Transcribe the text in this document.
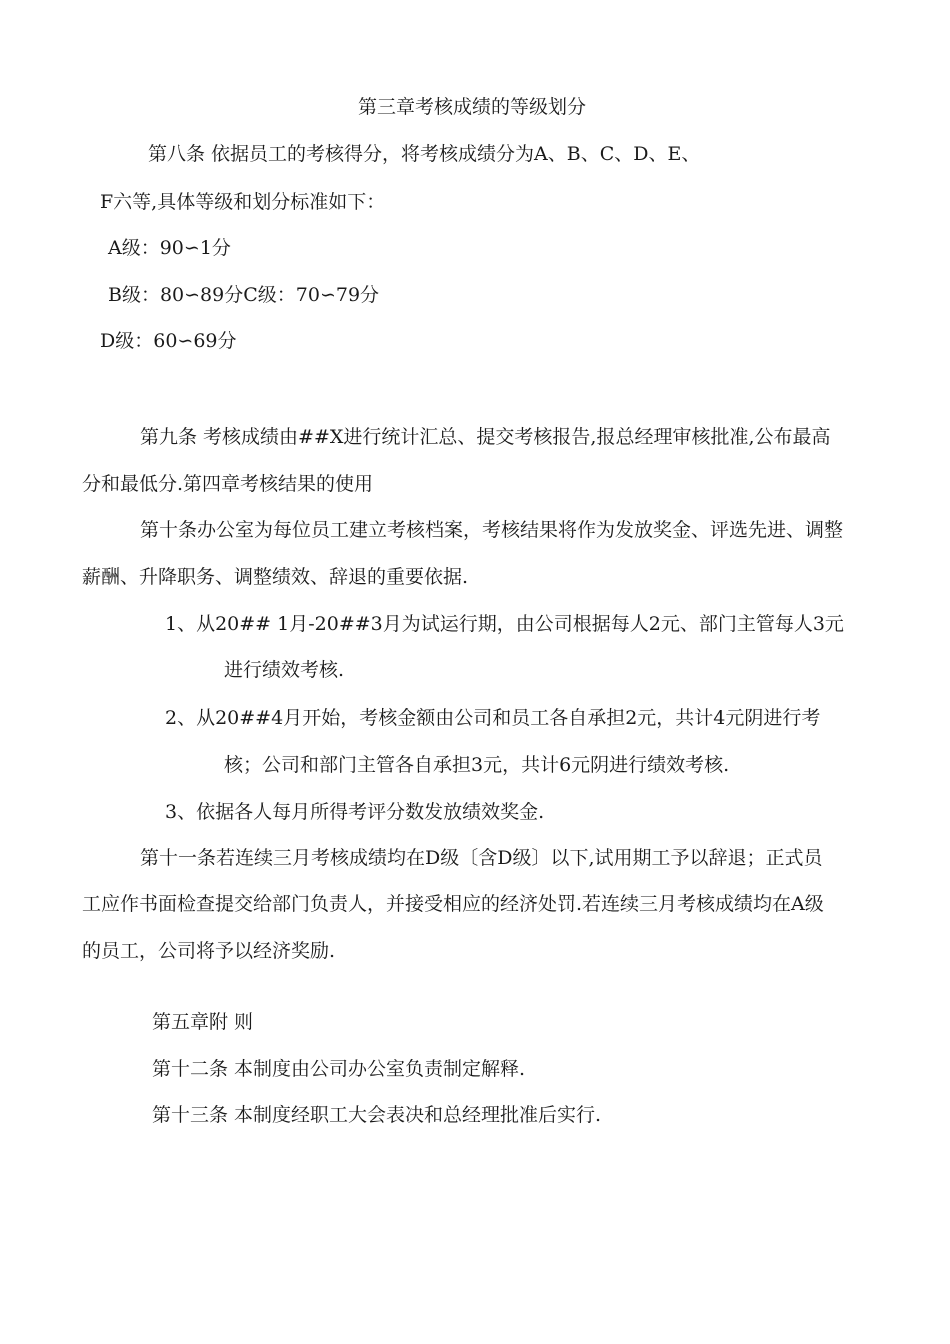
第三章考核成绩的等级划分
第八条 依据员工的考核得分，将考核成绩分为A、B、C、D、E、
F六等,具体等级和划分标准如下：
A级：90∽1分
B级：80∽89分C级：70∽79分
D级：60∽69分
第九条 考核成绩由##X进行统计汇总、提交考核报告,报总经理审核批准,公布最高
分和最低分.第四章考核结果的使用
第十条办公室为每位员工建立考核档案，考核结果将作为发放奖金、评选先进、调整
薪酬、升降职务、调整绩效、辞退的重要依据.
1、从20## 1月-20##3月为试运行期，由公司根据每人2元、部门主管每人3元
进行绩效考核.
2、从20##4月开始，考核金额由公司和员工各自承担2元，共计4元阴进行考
核；公司和部门主管各自承担3元，共计6元阴进行绩效考核.
3、依据各人每月所得考评分数发放绩效奖金.
第十一条若连续三月考核成绩均在D级〔含D级〕以下,试用期工予以辞退；正式员
工应作书面检查提交给部门负责人，并接受相应的经济处罚.若连续三月考核成绩均在A级
的员工，公司将予以经济奖励.
第五章附 则
第十二条 本制度由公司办公室负责制定解释.
第十三条 本制度经职工大会表决和总经理批准后实行.
